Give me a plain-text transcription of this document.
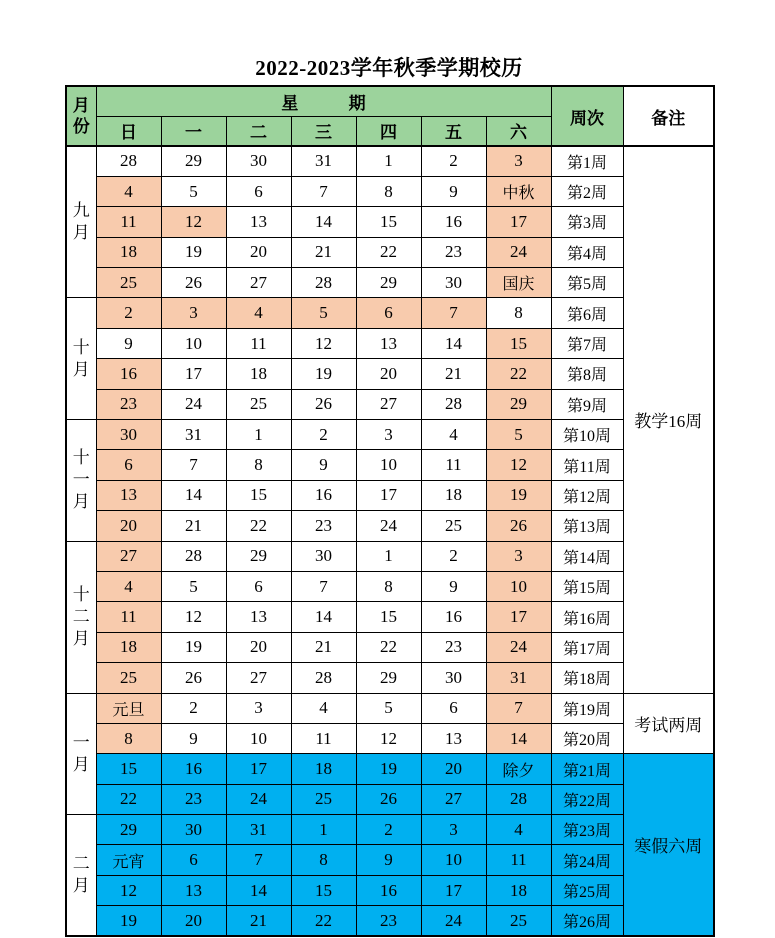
2022-2023学年秋季学期校历
月
份	星 期							周次	备注
	日	一	二	三	四	五	六		

九
月	28	29	30	31	1	2	3	第1周	教学16周
	4	5	6	7	8	9	中秋	第2周	
	11	12	13	14	15	16	17	第3周	
	18	19	20	21	22	23	24	第4周	
	25	26	27	28	29	30	国庆	第5周	

十
月	2	3	4	5	6	7	8	第6周	
	9	10	11	12	13	14	15	第7周	
	16	17	18	19	20	21	22	第8周	
	23	24	25	26	27	28	29	第9周	

十
一
月	30	31	1	2	3	4	5	第10周	
	6	7	8	9	10	11	12	第11周	
	13	14	15	16	17	18	19	第12周	
	20	21	22	23	24	25	26	第13周	

十
二
月	27	28	29	30	1	2	3	第14周	
	4	5	6	7	8	9	10	第15周	
	11	12	13	14	15	16	17	第16周	
	18	19	20	21	22	23	24	第17周	
	25	26	27	28	29	30	31	第18周	

一
月	元旦	2	3	4	5	6	7	第19周	考试两周
	8	9	10	11	12	13	14	第20周	
	15	16	17	18	19	20	除夕	第21周	寒假六周
	22	23	24	25	26	27	28	第22周	

二
月	29	30	31	1	2	3	4	第23周	
	元宵	6	7	8	9	10	11	第24周	
	12	13	14	15	16	17	18	第25周	
	19	20	21	22	23	24	25	第26周	
